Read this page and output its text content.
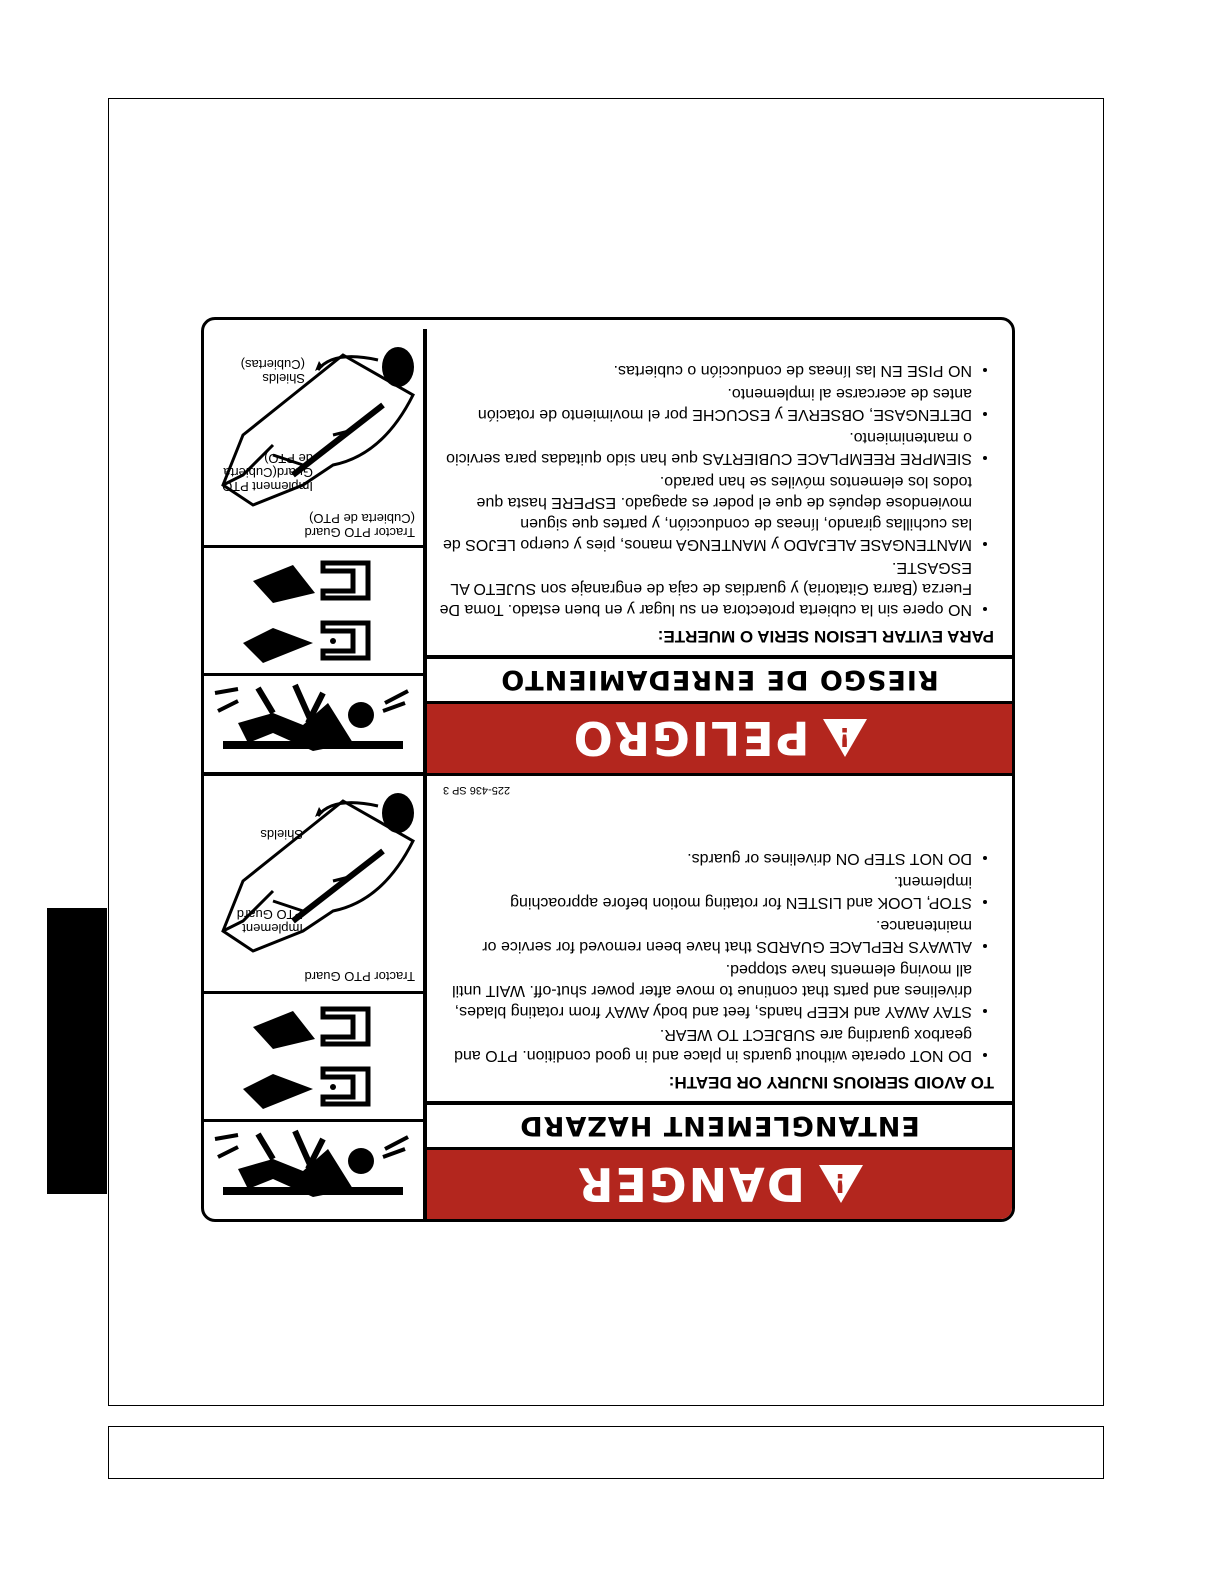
!
DANGER
ENTANGLEMENT HAZARD
TO AVOID SERIOUS INJURY OR DEATH:
• DO NOT operate without guards in place and in good condition. PTO and gearbox guarding are SUBJECT TO WEAR.
• STAY AWAY and KEEP hands, feet and body AWAY from rotating blades, drivelines and parts that continue to move after power shut-off. WAIT until all moving elements have stopped.
• ALWAYS REPLACE GUARDS that have been removed for service or maintenance.
• STOP, LOOK and LISTEN for rotating motion before approaching implement.
• DO NOT STEP ON drivelines or guards.
225-436 SP 3
Tractor PTO Guard
Implement PTO Guard
Shields
!
PELIGRO
RIESGO DE ENREDAMIENTO
PARA EVITAR LESION SERIA O MUERTE:
• NO opere sin la cubierta protectora en su lugar y en buen estado. Toma De Fuerza (Barra Gitatoria) y guardias de caja de engranaje son SUJETO AL ESGASTE.
• MANTENGASE ALEJADO y MANTENGA manos, pies y cuerpo LEJOS de las cuchillas girando, líneas de conducción, y partes que siguen moviendose depués de que el poder es apagado. ESPERE hasta que todos los elementos móviles se han parado.
• SIEMPRE REEMPLACE CUBIERTAS que han sido quitadas para servicio o mantenimiento.
• DETENGASE, OBSERVE y ESCUCHE por el movimiento de rotación antes de acercarse al implemento.
• NO PISE EN las líneas de conducción o cubiertas.
Tractor PTO Guard (Cubierta de PTO)
Implement PTO Guard(Cubierta de PTO)
Shields (Cubiertas)
